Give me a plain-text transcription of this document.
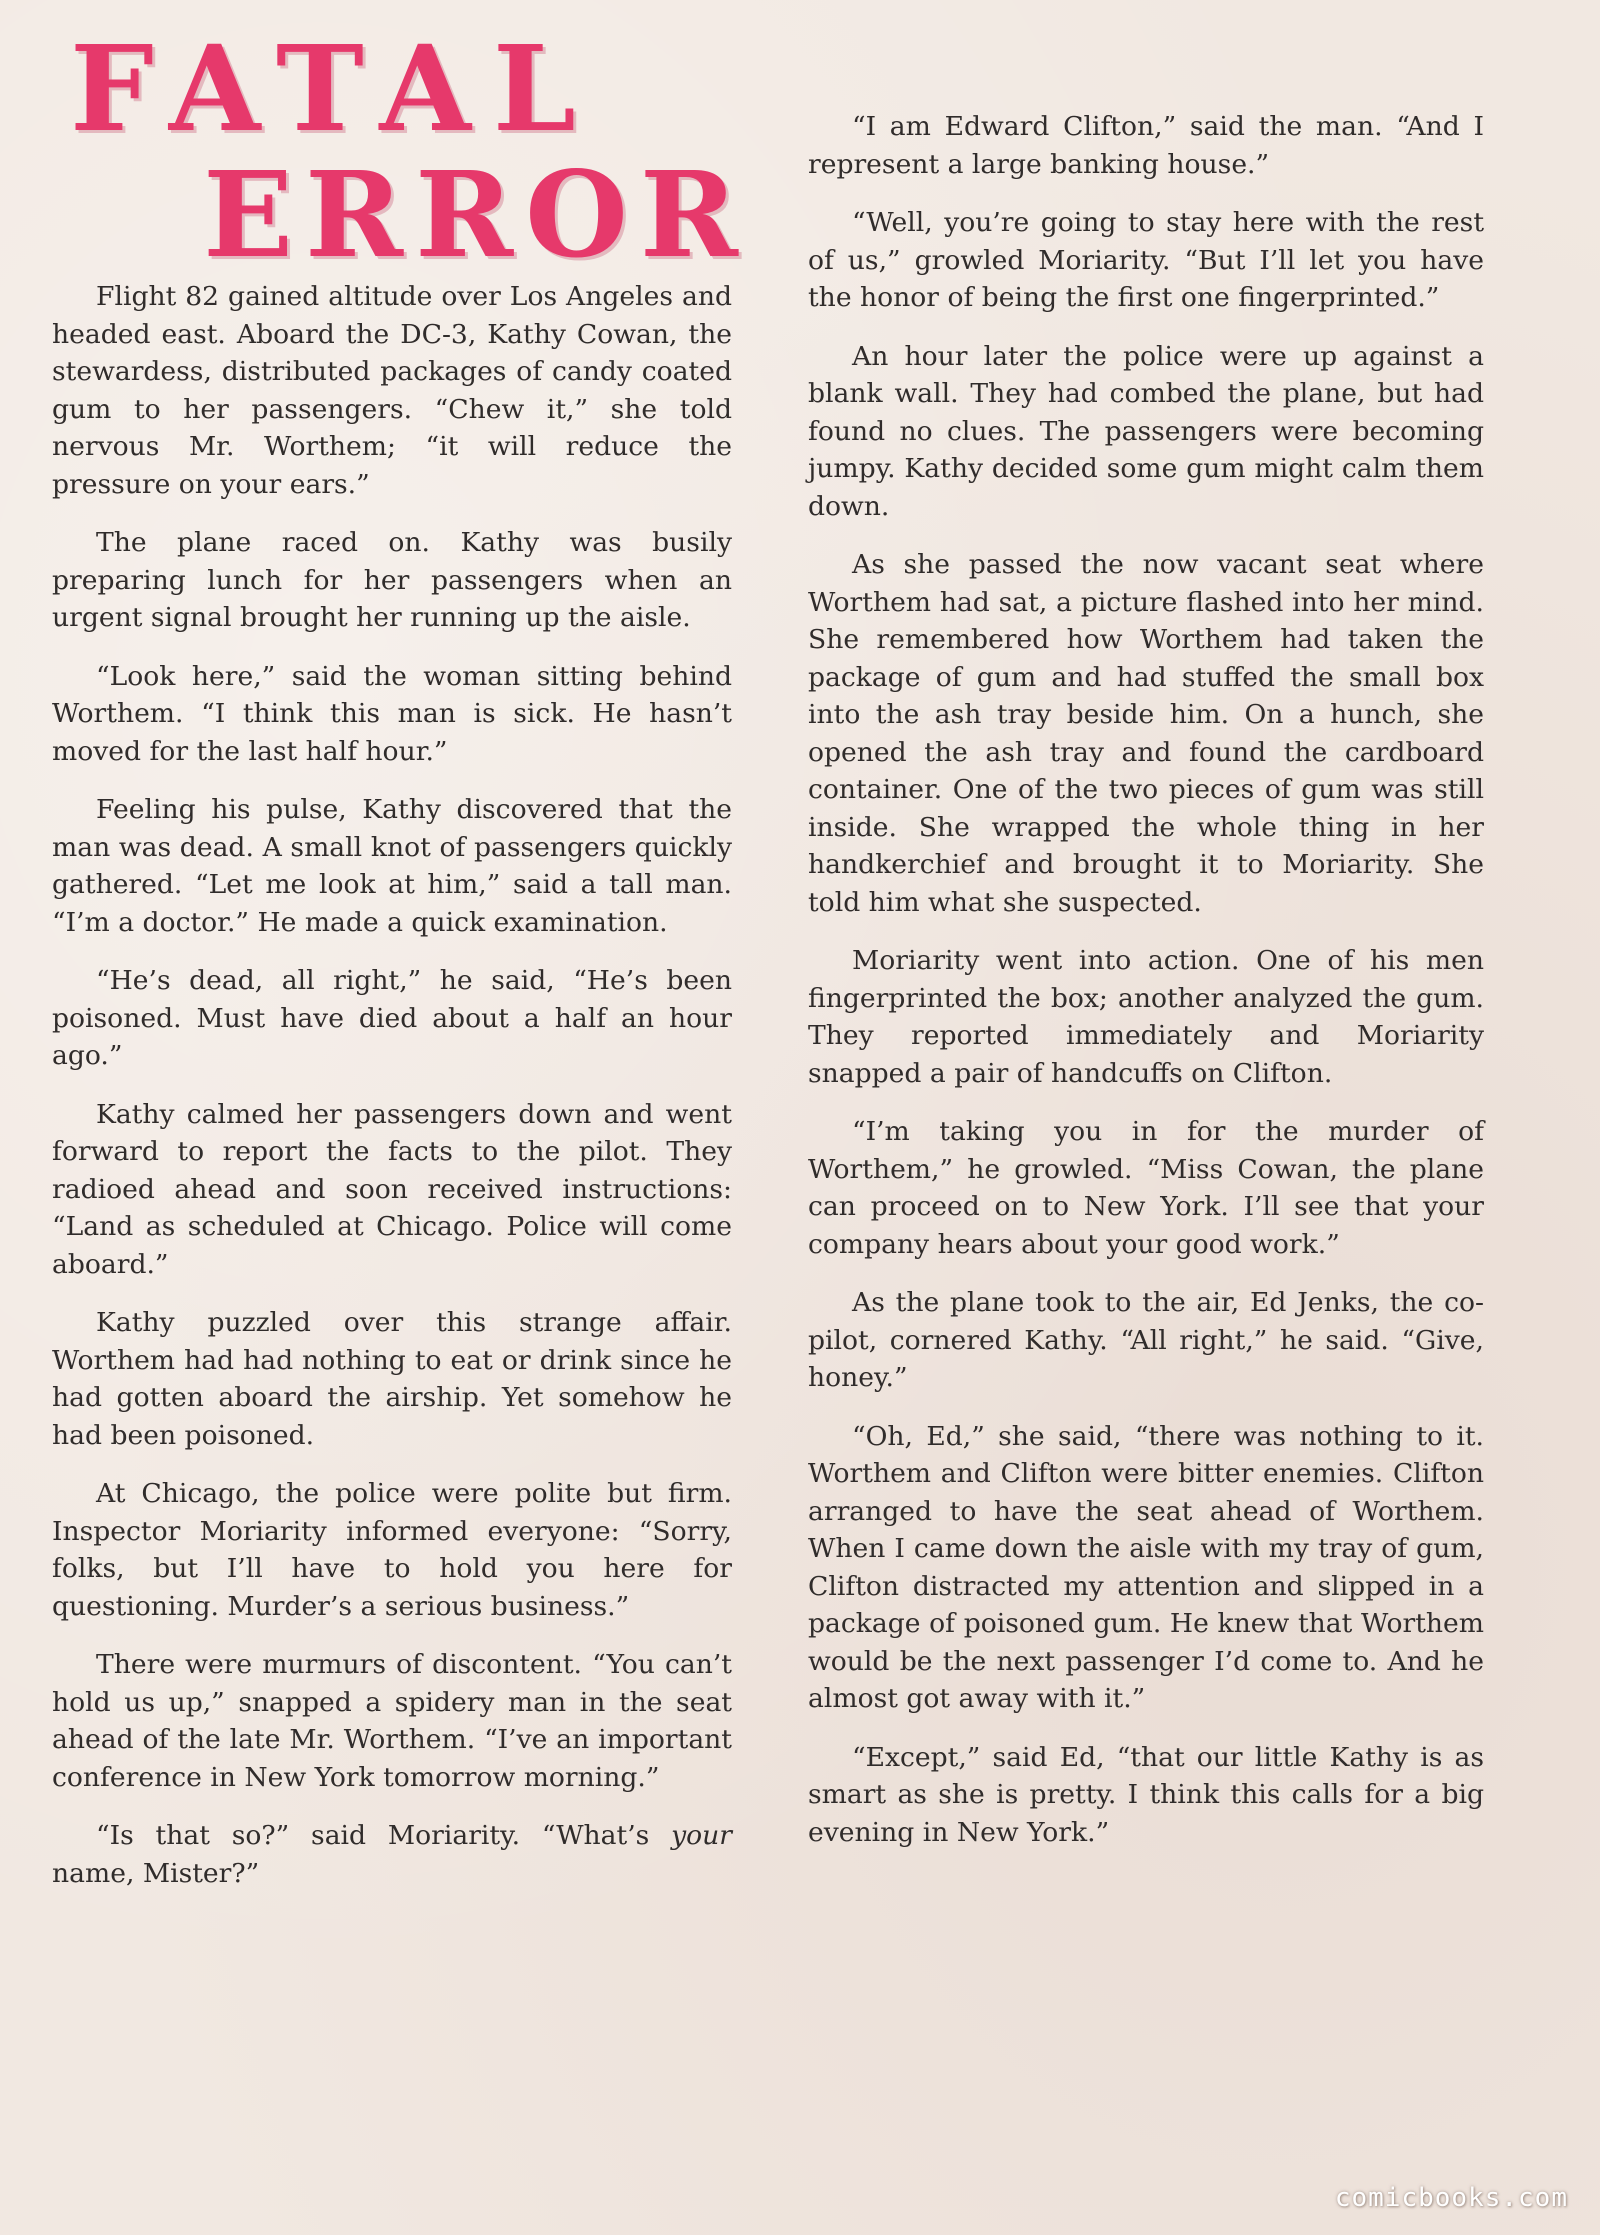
FATAL
ERROR

Flight 82 gained altitude over Los Angeles and headed east. Aboard the DC-3, Kathy Cowan, the stewardess, distributed packages of candy coated gum to her passengers. “Chew it,” she told nervous Mr. Worthem; “it will reduce the pressure on your ears.”

The plane raced on. Kathy was busily preparing lunch for her passengers when an urgent signal brought her running up the aisle.

“Look here,” said the woman sitting behind Worthem. “I think this man is sick. He hasn’t moved for the last half hour.”

Feeling his pulse, Kathy discovered that the man was dead. A small knot of passengers quickly gathered. “Let me look at him,” said a tall man. “I’m a doctor.” He made a quick examination.

“He’s dead, all right,” he said, “He’s been poisoned. Must have died about a half an hour ago.”

Kathy calmed her passengers down and went forward to report the facts to the pilot. They radioed ahead and soon received instructions: “Land as scheduled at Chicago. Police will come aboard.”

Kathy puzzled over this strange affair. Worthem had had nothing to eat or drink since he had gotten aboard the airship. Yet somehow he had been poisoned.

At Chicago, the police were polite but firm. Inspector Moriarity informed everyone: “Sorry, folks, but I’ll have to hold you here for questioning. Murder’s a serious business.”

There were murmurs of discontent. “You can’t hold us up,” snapped a spidery man in the seat ahead of the late Mr. Worthem. “I’ve an important conference in New York tomorrow morning.”

“Is that so?” said Moriarity. “What’s your name, Mister?”

“I am Edward Clifton,” said the man. “And I represent a large banking house.”

“Well, you’re going to stay here with the rest of us,” growled Moriarity. “But I’ll let you have the honor of being the first one fingerprinted.”

An hour later the police were up against a blank wall. They had combed the plane, but had found no clues. The passengers were becoming jumpy. Kathy decided some gum might calm them down.

As she passed the now vacant seat where Worthem had sat, a picture flashed into her mind. She remembered how Worthem had taken the package of gum and had stuffed the small box into the ash tray beside him. On a hunch, she opened the ash tray and found the cardboard container. One of the two pieces of gum was still inside. She wrapped the whole thing in her handkerchief and brought it to Moriarity. She told him what she suspected.

Moriarity went into action. One of his men fingerprinted the box; another analyzed the gum. They reported immediately and Moriarity snapped a pair of handcuffs on Clifton.

“I’m taking you in for the murder of Worthem,” he growled. “Miss Cowan, the plane can proceed on to New York. I’ll see that your company hears about your good work.”

As the plane took to the air, Ed Jenks, the co-pilot, cornered Kathy. “All right,” he said. “Give, honey.”

“Oh, Ed,” she said, “there was nothing to it. Worthem and Clifton were bitter enemies. Clifton arranged to have the seat ahead of Worthem. When I came down the aisle with my tray of gum, Clifton distracted my attention and slipped in a package of poisoned gum. He knew that Worthem would be the next passenger I’d come to. And he almost got away with it.”

“Except,” said Ed, “that our little Kathy is as smart as she is pretty. I think this calls for a big evening in New York.”

comicbooks.com
